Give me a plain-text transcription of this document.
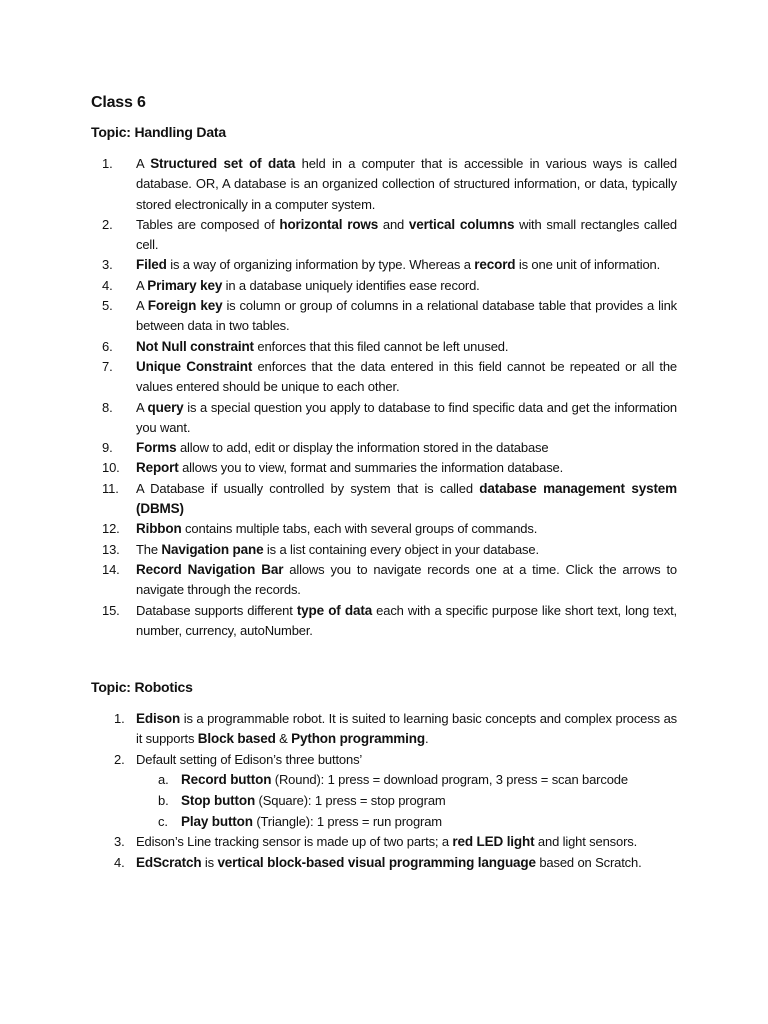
Class 6
Topic: Handling Data
1.	A Structured set of data held in a computer that is accessible in various ways is called database. OR, A database is an organized collection of structured information, or data, typically stored electronically in a computer system.
2.	Tables are composed of horizontal rows and vertical columns with small rectangles called cell.
3.	Filed is a way of organizing information by type. Whereas a record is one unit of information.
4.	A Primary key in a database uniquely identifies ease record.
5.	A Foreign key is column or group of columns in a relational database table that provides a link between data in two tables.
6.	Not Null constraint enforces that this filed cannot be left unused.
7.	Unique Constraint enforces that the data entered in this field cannot be repeated or all the values entered should be unique to each other.
8.	A query is a special question you apply to database to find specific data and get the information you want.
9.	Forms allow to add, edit or display the information stored in the database
10.	Report allows you to view, format and summaries the information database.
11.	A Database if usually controlled by system that is called database management system (DBMS)
12.	Ribbon contains multiple tabs, each with several groups of commands.
13.	The Navigation pane is a list containing every object in your database.
14.	Record Navigation Bar allows you to navigate records one at a time. Click the arrows to navigate through the records.
15.	Database supports different type of data each with a specific purpose like short text, long text, number, currency, autoNumber.
Topic: Robotics
1. Edison is a programmable robot. It is suited to learning basic concepts and complex process as it supports Block based & Python programming.
2. Default setting of Edison’s three buttons’
a. Record button (Round): 1 press = download program, 3 press = scan barcode
b. Stop button (Square): 1 press = stop program
c. Play button (Triangle): 1 press = run program
3. Edison’s Line tracking sensor is made up of two parts; a red LED light and light sensors.
4. EdScratch is vertical block-based visual programming language based on Scratch.
